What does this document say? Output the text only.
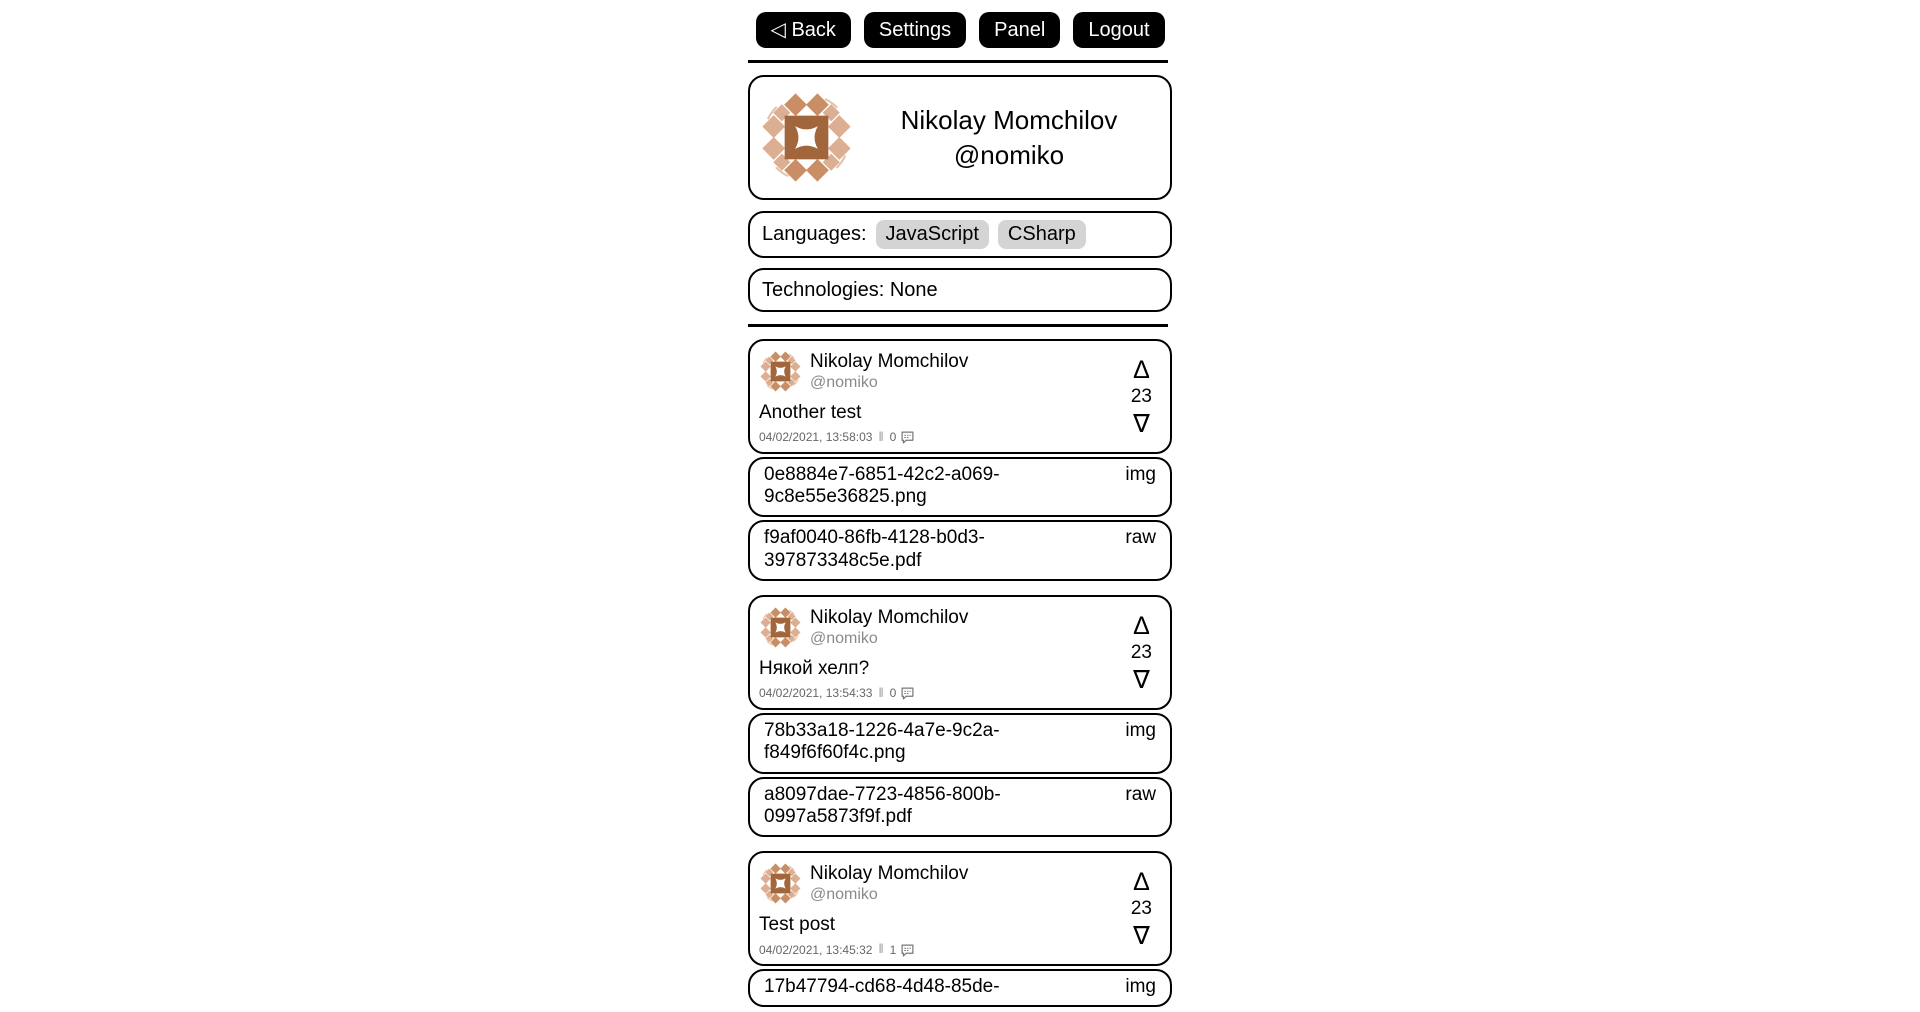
◁ Back	Settings	Panel	Logout
Nikolay Momchilov
@nomiko
Languages: JavaScript	CSharp
Technologies: None
Nikolay Momchilov
@nomiko
Another test
04/02/2021, 13:58:03 ‖ 0
Δ
23
∇
0e8884e7-6851-42c2-a069-9c8e55e36825.png
img
f9af0040-86fb-4128-b0d3-397873348c5e.pdf
raw
Nikolay Momchilov
@nomiko
Някой хелп?
04/02/2021, 13:54:33 ‖ 0
Δ
23
∇
78b33a18-1226-4a7e-9c2a-f849f6f60f4c.png
img
a8097dae-7723-4856-800b-0997a5873f9f.pdf
raw
Nikolay Momchilov
@nomiko
Test post
04/02/2021, 13:45:32 ‖ 1
Δ
23
∇
17b47794-cd68-4d48-85de-	img
